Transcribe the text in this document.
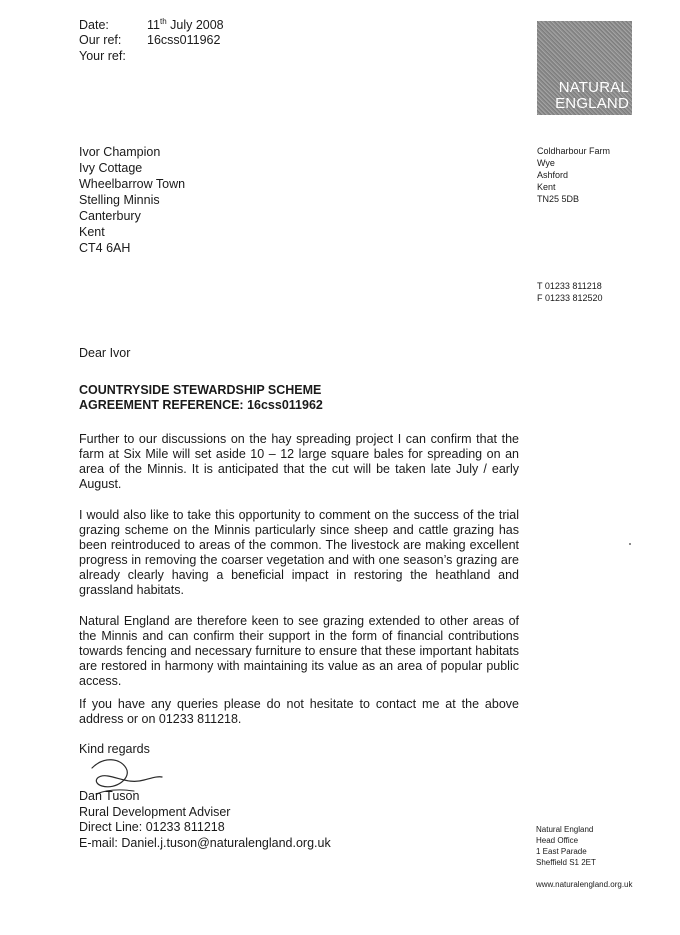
Date:	11th July 2008
Our ref: 16css011962
Your ref:
NATURAL
ENGLAND
Ivor Champion
Ivy Cottage
Wheelbarrow Town
Stelling Minnis
Canterbury
Kent
CT4 6AH
Coldharbour Farm
Wye
Ashford
Kent
TN25 5DB
T 01233 811218
F 01233 812520
Dear Ivor
COUNTRYSIDE STEWARDSHIP SCHEME
AGREEMENT REFERENCE: 16css011962
Further to our discussions on the hay spreading project I can confirm that the farm at Six Mile will set aside 10 – 12 large square bales for spreading on an area of the Minnis. It is anticipated that the cut will be taken late July / early August.
I would also like to take this opportunity to comment on the success of the trial grazing scheme on the Minnis particularly since sheep and cattle grazing has been reintroduced to areas of the common. The livestock are making excellent progress in removing the coarser vegetation and with one season’s grazing are already clearly having a beneficial impact in restoring the heathland and grassland habitats.
Natural England are therefore keen to see grazing extended to other areas of the Minnis and can confirm their support in the form of financial contributions towards fencing and necessary furniture to ensure that these important habitats are restored in harmony with maintaining its value as an area of popular public access.
If you have any queries please do not hesitate to contact me at the above address or on 01233 811218.
Kind regards
Dan Tuson
Rural Development Adviser
Direct Line: 01233 811218
E-mail: Daniel.j.tuson@naturalengland.org.uk
Natural England
Head Office
1 East Parade
Sheffield S1 2ET
www.naturalengland.org.uk
